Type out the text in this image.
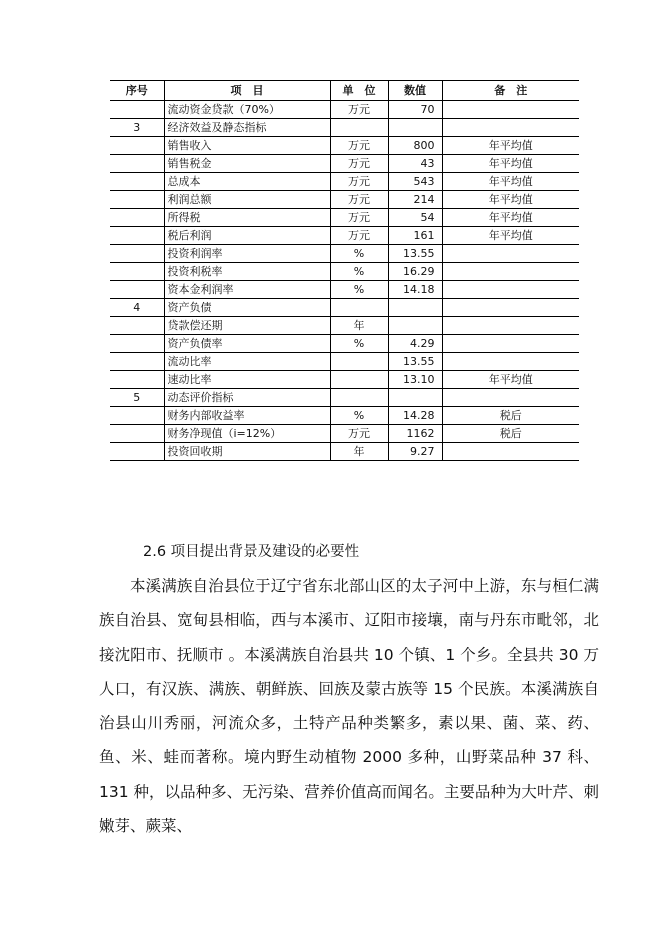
序号	项　目	单　位	数值	备　注
	流动资金贷款（70%）	万元	70	
3	经济效益及静态指标			
	销售收入	万元	800	年平均值
	销售税金	万元	43	年平均值
	总成本	万元	543	年平均值
	利润总额	万元	214	年平均值
	所得税	万元	54	年平均值
	税后利润	万元	161	年平均值
	投资利润率	%	13.55	
	投资利税率	%	16.29	
	资本金利润率	%	14.18	
4	资产负债			
	贷款偿还期	年		
	资产负债率	%	4.29	
	流动比率		13.55	
	速动比率		13.10	年平均值
5	动态评价指标			
	财务内部收益率	%	14.28	税后
	财务净现值（i=12%）	万元	1162	税后
	投资回收期	年	9.27	
2.6 项目提出背景及建设的必要性

本溪满族自治县位于辽宁省东北部山区的太子河中上游，东与桓仁满族自治县、宽甸县相临，西与本溪市、辽阳市接壤，南与丹东市毗邻，北接沈阳市、抚顺市 。本溪满族自治县共 10 个镇、1 个乡。全县共 30 万人口，有汉族、满族、朝鲜族、回族及蒙古族等 15 个民族。本溪满族自治县山川秀丽，河流众多，土特产品种类繁多，素以果、菌、菜、药、鱼、米、蛙而著称。境内野生动植物 2000 多种，山野菜品种 37 科、131 种，以品种多、无污染、营养价值高而闻名。主要品种为大叶芹、刺嫩芽、蕨菜、
